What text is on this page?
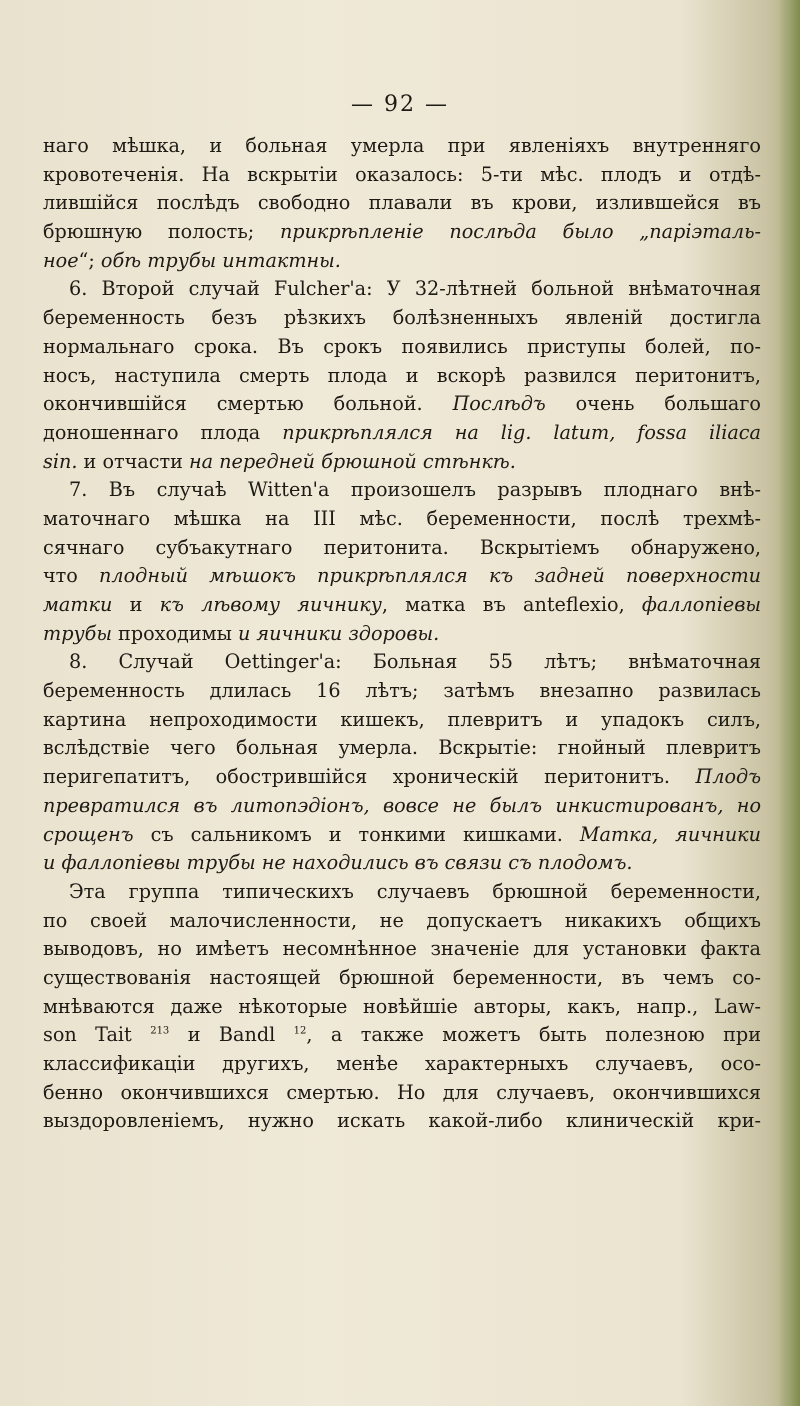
— 92 —
наго мѣшка, и больная умерла при явленіяхъ внутренняго
кровотеченія. На вскрытіи оказалось: 5-ти мѣс. плодъ и отдѣ-
лившійся послѣдъ свободно плавали въ крови, излившейся въ
брюшную полость; прикрѣпленіе послѣда было „паріэталь-
ное“; обѣ трубы интактны.
6. Второй случай Fulcher'а: У 32-лѣтней больной внѣматочная
беременность безъ рѣзкихъ болѣзненныхъ явленій достигла
нормальнаго срока. Въ срокъ появились приступы болей, по-
носъ, наступила смерть плода и вскорѣ развился перитонитъ,
окончившійся смертью больной. Послѣдъ очень большаго
доношеннаго плода прикрѣплялся на lig. latum, fossa iliaca
sin. и отчасти на передней брюшной стѣнкѣ.
7. Въ случаѣ Witten'а произошелъ разрывъ плоднаго внѣ-
маточнаго мѣшка на III мѣс. беременности, послѣ трехмѣ-
сячнаго субъакутнаго перитонита. Вскрытіемъ обнаружено,
что плодный мѣшокъ прикрѣплялся къ задней поверхности
матки и къ лѣвому яичнику, матка въ anteflexio, фаллопіевы
трубы проходимы и яичники здоровы.
8. Случай Oettinger'а: Больная 55 лѣтъ; внѣматочная
беременность длилась 16 лѣтъ; затѣмъ внезапно развилась
картина непроходимости кишекъ, плевритъ и упадокъ силъ,
вслѣдствіе чего больная умерла. Вскрытіе: гнойный плевритъ
перигепатитъ, обострившійся хроническій перитонитъ. Плодъ
превратился въ литопэдіонъ, вовсе не былъ инкистированъ, но
срощенъ съ сальникомъ и тонкими кишками. Матка, яичники
и фаллопіевы трубы не находились въ связи съ плодомъ.
Эта группа типическихъ случаевъ брюшной беременности,
по своей малочисленности, не допускаетъ никакихъ общихъ
выводовъ, но имѣетъ несомнѣнное значеніе для установки факта
существованія настоящей брюшной беременности, въ чемъ со-
мнѣваются даже нѣкоторые новѣйшіе авторы, какъ, напр., Law-
son Tait $^{213}$ и Bandl $^{12}$, а также можетъ быть полезною при
классификаціи другихъ, менѣе характерныхъ случаевъ, осо-
бенно окончившихся смертью. Но для случаевъ, окончившихся
выздоровленіемъ, нужно искать какой-либо клиническій кри-
